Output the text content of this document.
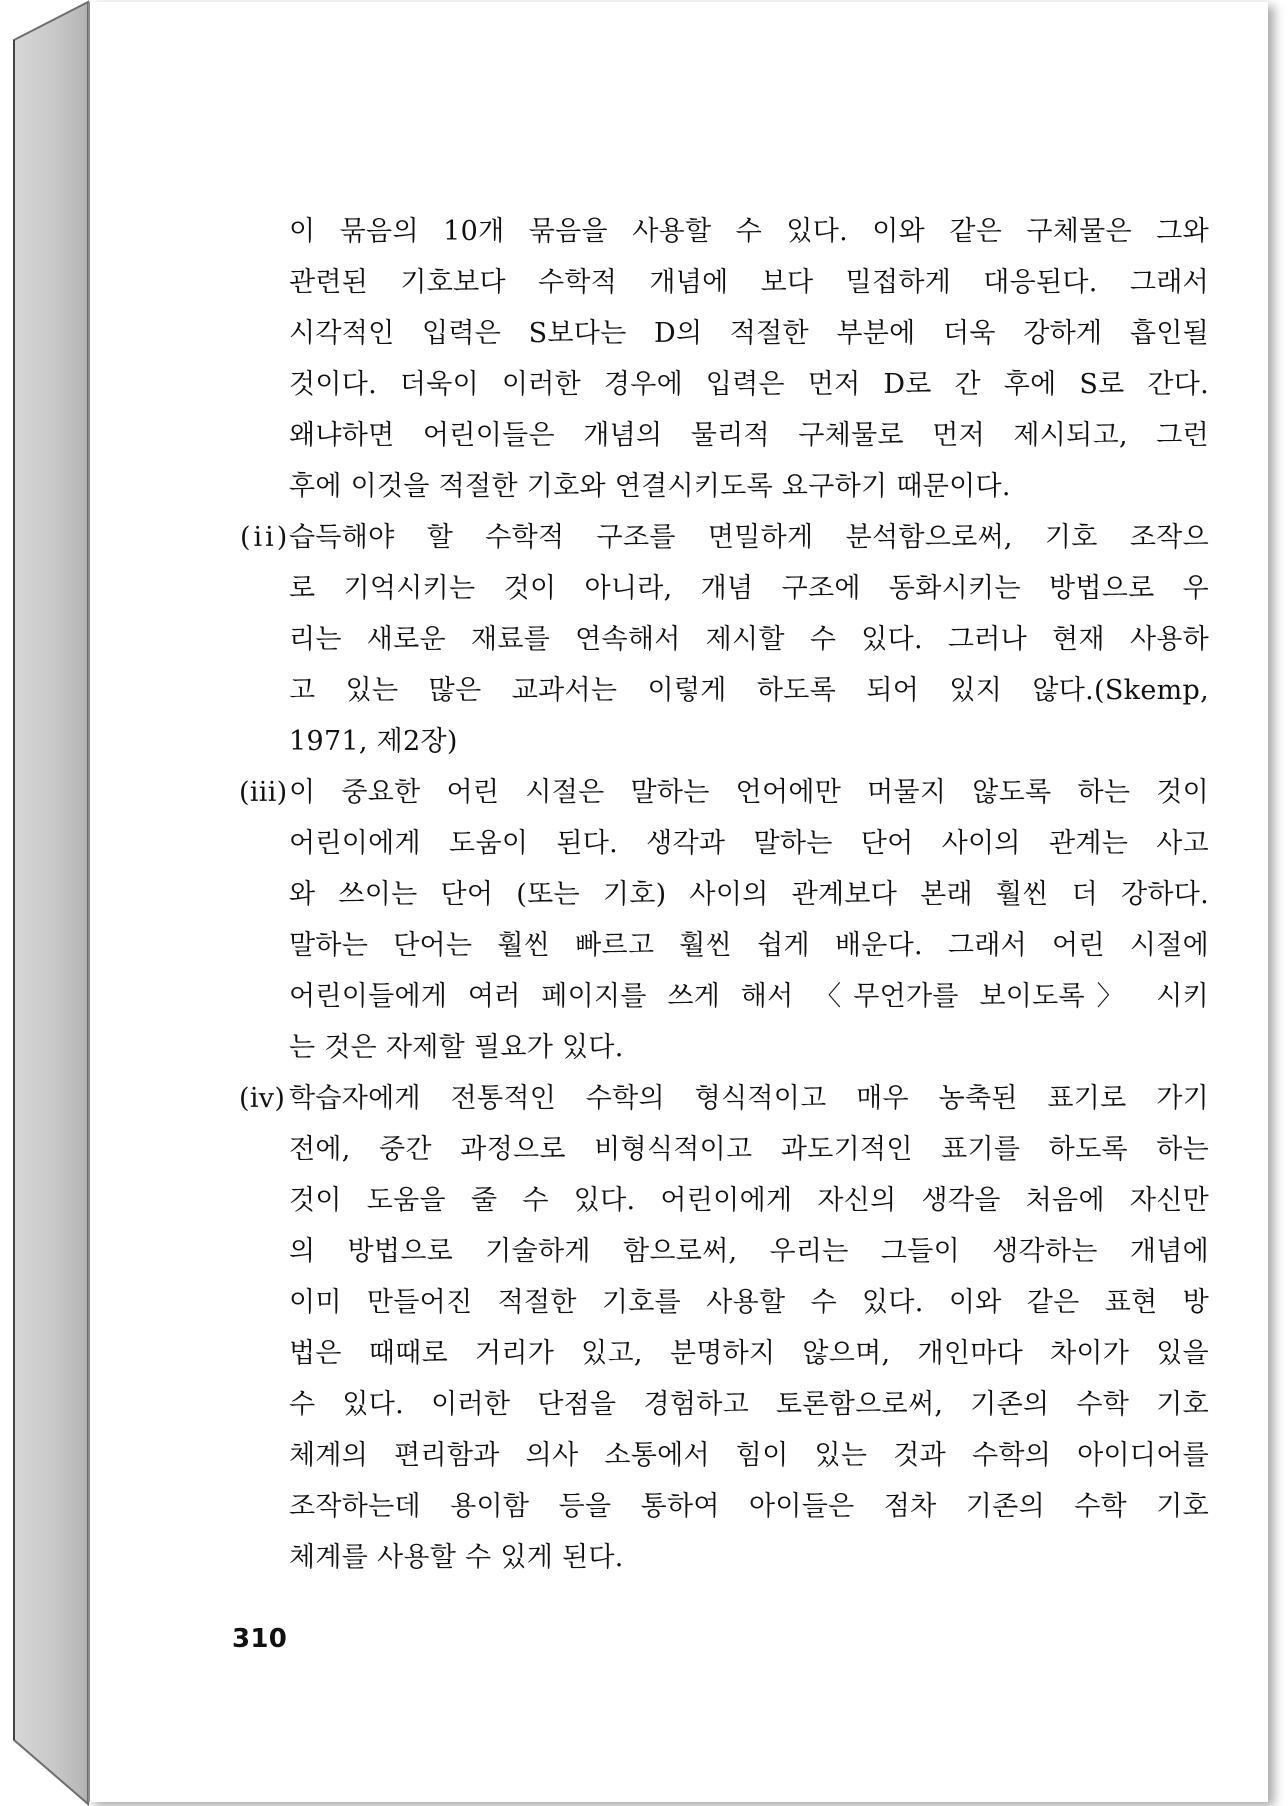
이 묶음의 10개 묶음을 사용할 수 있다. 이와 같은 구체물은 그와
관련된 기호보다 수학적 개념에 보다 밀접하게 대응된다. 그래서
시각적인 입력은 S보다는 D의 적절한 부분에 더욱 강하게 흡인될
것이다. 더욱이 이러한 경우에 입력은 먼저 D로 간 후에 S로 간다.
왜냐하면 어린이들은 개념의 물리적 구체물로 먼저 제시되고, 그런
후에 이것을 적절한 기호와 연결시키도록 요구하기 때문이다.
(ii)
습득해야 할 수학적 구조를 면밀하게 분석함으로써, 기호 조작으
로 기억시키는 것이 아니라, 개념 구조에 동화시키는 방법으로 우
리는 새로운 재료를 연속해서 제시할 수 있다. 그러나 현재 사용하
고 있는 많은 교과서는 이렇게 하도록 되어 있지 않다.(Skemp,
1971, 제2장)
(iii) 이 중요한 어린 시절은 말하는 언어에만 머물지 않도록 하는 것이
어린이에게 도움이 된다. 생각과 말하는 단어 사이의 관계는 사고
와 쓰이는 단어 (또는 기호) 사이의 관계보다 본래 훨씬 더 강하다.
말하는 단어는 훨씬 빠르고 훨씬 쉽게 배운다. 그래서 어린 시절에
어린이들에게 여러 페이지를 쓰게 해서 〈무언가를 보이도록〉 시키
는 것은 자제할 필요가 있다.
(iv) 학습자에게 전통적인 수학의 형식적이고 매우 농축된 표기로 가기
전에, 중간 과정으로 비형식적이고 과도기적인 표기를 하도록 하는
것이 도움을 줄 수 있다. 어린이에게 자신의 생각을 처음에 자신만
의 방법으로 기술하게 함으로써, 우리는 그들이 생각하는 개념에
이미 만들어진 적절한 기호를 사용할 수 있다. 이와 같은 표현 방
법은 때때로 거리가 있고, 분명하지 않으며, 개인마다 차이가 있을
수 있다. 이러한 단점을 경험하고 토론함으로써, 기존의 수학 기호
체계의 편리함과 의사 소통에서 힘이 있는 것과 수학의 아이디어를
조작하는데 용이함 등을 통하여 아이들은 점차 기존의 수학 기호
체계를 사용할 수 있게 된다.
310
